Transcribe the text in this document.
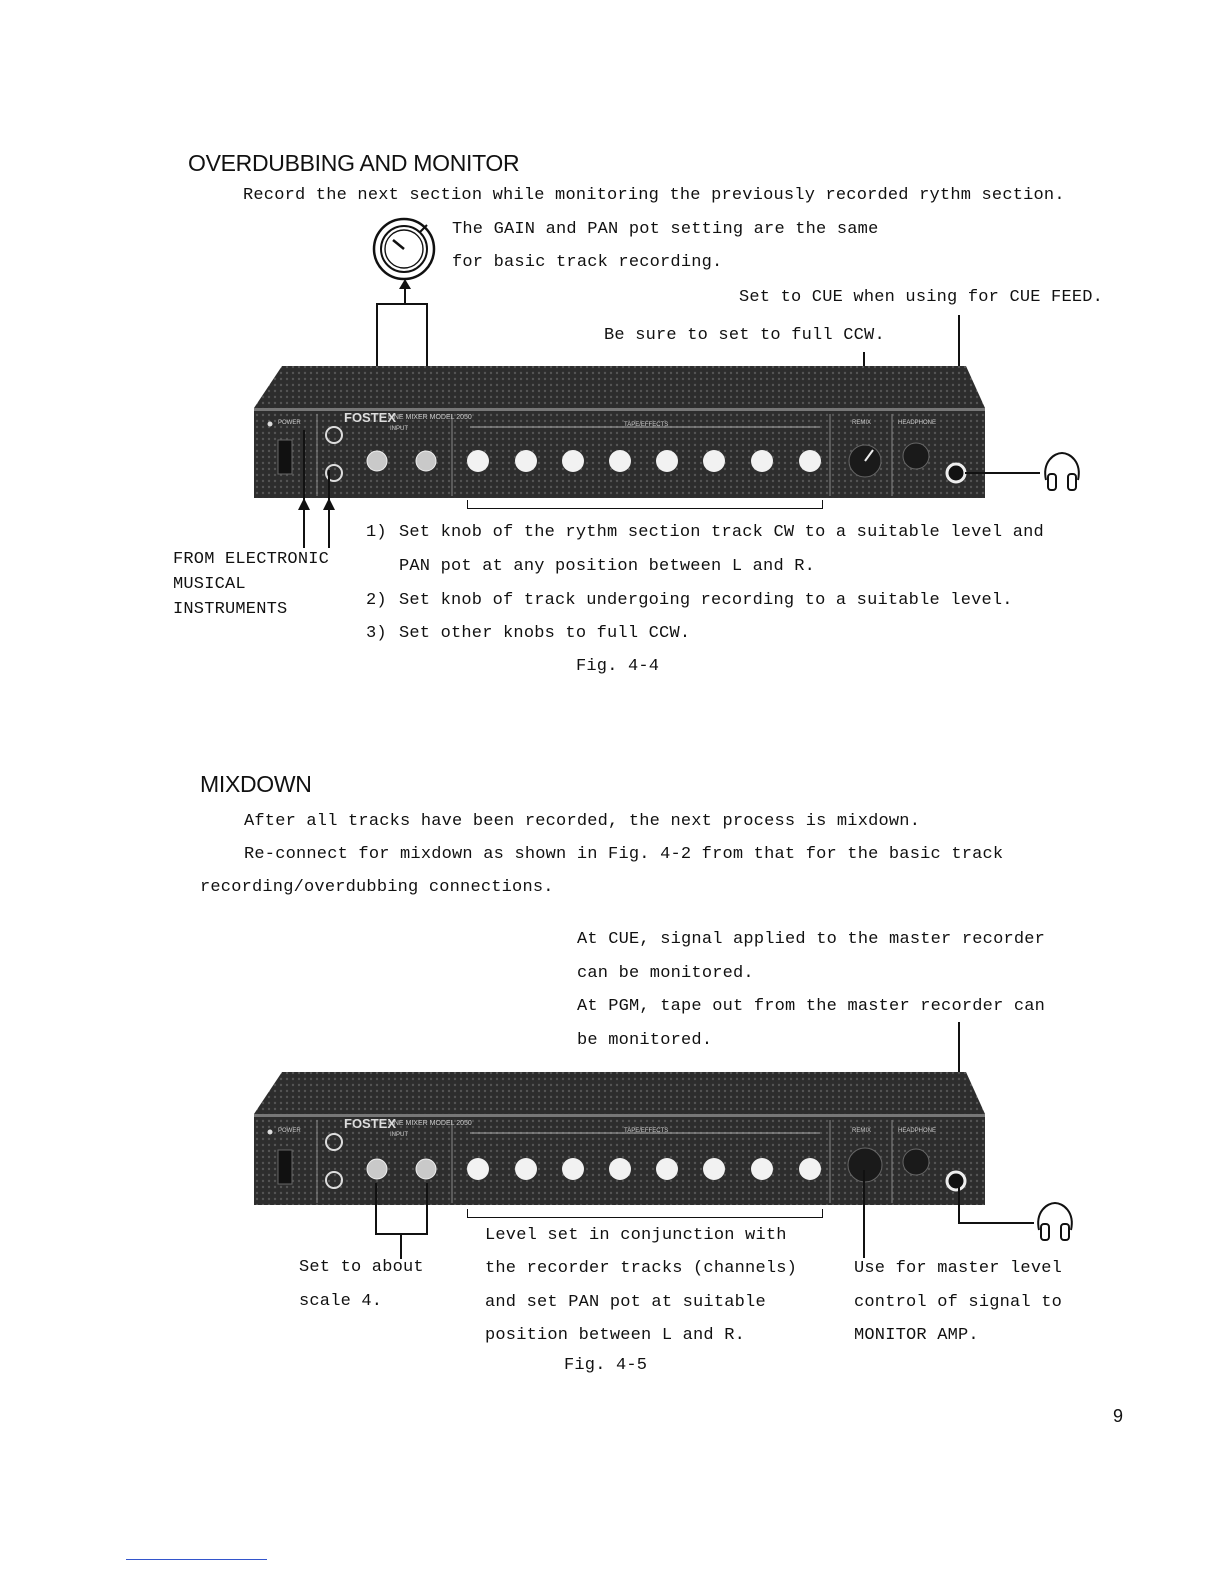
OVERDUBBING AND MONITOR
Record the next section while monitoring the previously recorded rythm section.
The GAIN and PAN pot setting are the same
for basic track recording.
Set to CUE when using for CUE FEED.
Be sure to set to full CCW.
FOSTEX
LINE MIXER MODEL 2050
POWER
INPUT
TAPE/EFFECTS	REMIX	HEADPHONE
FROM ELECTRONIC
MUSICAL
INSTRUMENTS
1) Set knob of the rythm section track CW to a suitable level and
PAN pot at any position between L and R.
2) Set knob of track undergoing recording to a suitable level.
3) Set other knobs to full CCW.
Fig. 4-4
MIXDOWN
After all tracks have been recorded, the next process is mixdown.
Re-connect for mixdown as shown in Fig. 4-2 from that for the basic track
recording/overdubbing connections.
At CUE, signal applied to the master recorder
can be monitored.
At PGM, tape out from the master recorder can
be monitored.
FOSTEX
LINE MIXER MODEL 2050
POWER
INPUT
TAPE/EFFECTS	REMIX	HEADPHONE
Set to about
scale 4.
Level set in conjunction with
the recorder tracks (channels)
and set PAN pot at suitable
position between L and R.
Use for master level
control of signal to
MONITOR AMP.
Fig. 4-5
9
